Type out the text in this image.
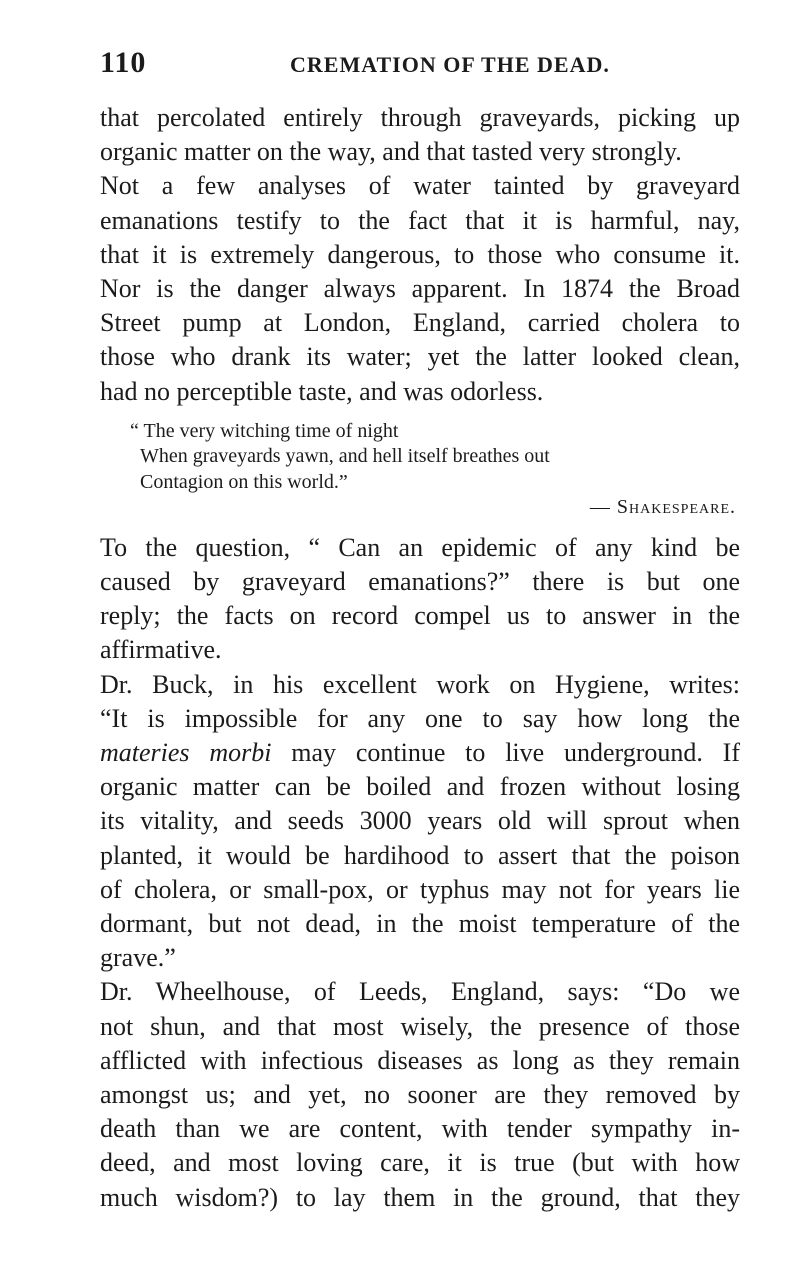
110	CREMATION OF THE DEAD.
that percolated entirely through graveyards, picking up
organic matter on the way, and that tasted very strongly.
Not a few analyses of water tainted by graveyard
emanations testify to the fact that it is harmful, nay,
that it is extremely dangerous, to those who consume it.
Nor is the danger always apparent. In 1874 the Broad
Street pump at London, England, carried cholera to
those who drank its water; yet the latter looked clean,
had no perceptible taste, and was odorless.
“ The very witching time of night
When graveyards yawn, and hell itself breathes out
Contagion on this world.”
— Shakespeare.
To the question, “ Can an epidemic of any kind be
caused by graveyard emanations?” there is but one
reply; the facts on record compel us to answer in the
affirmative.
Dr. Buck, in his excellent work on Hygiene, writes:
“It is impossible for any one to say how long the
materies morbi may continue to live underground. If
organic matter can be boiled and frozen without losing
its vitality, and seeds 3000 years old will sprout when
planted, it would be hardihood to assert that the poison
of cholera, or small-pox, or typhus may not for years lie
dormant, but not dead, in the moist temperature of the
grave.”
Dr. Wheelhouse, of Leeds, England, says: “Do we
not shun, and that most wisely, the presence of those
afflicted with infectious diseases as long as they remain
amongst us; and yet, no sooner are they removed by
death than we are content, with tender sympathy in-
deed, and most loving care, it is true (but with how
much wisdom?) to lay them in the ground, that they
